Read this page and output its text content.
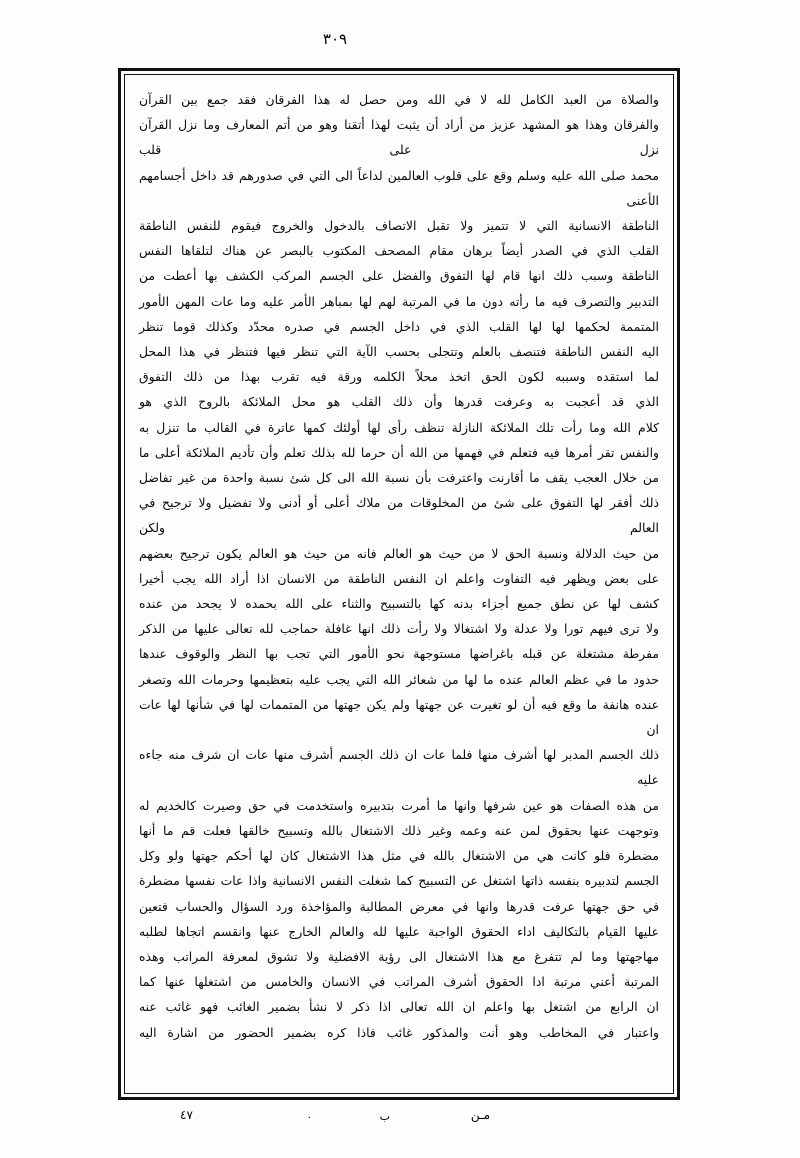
٣٠٩

والصلاة من العبد الكامل لله لا في الله ومن حصل له هذا الفرقان فقد جمع بين القرآن

والفرقان وهذا هو المشهد عزيز من أراد أن يثبت لهذا أتقنا وهو من أتم المعارف وما نزل القرآن نزل على قلب

محمد صلى الله عليه وسلم وقع على قلوب العالمين لداعاً الى التي في صدورهم قد داخل أجسامهم الأعنى

الناطقة الانسانية التي لا تتميز ولا تقبل الاتصاف بالدخول والخروج فيقوم للنفس الناطقة

القلب الذي في الصدر أيضاً برهان مقام المصحف المكتوب بالبصر عن هناك لتلقاها النفس

الناطقة وسبب ذلك انها قام لها التفوق والفضل على الجسم المركب الكشف بها أعطت من

التدبير والتصرف فيه ما رأته دون ما في المرتبة لهم لها بمباهر الأمر عليه وما عات المهن الأمور

المتممة لحكمها لها لها القلب الذي في داخل الجسم في صدره محدّد وكذلك قوما تنظر

اليه النفس الناطقة فتنصف بالعلم وتتجلى بحسب الآية التي تنظر فيها فتنظر في هذا المحل

لما استقده وسببه لكون الحق اتخذ محلاً الكلمه ورقة فيه تقرب بهذا من ذلك التفوق

الذي قد أعجبت به وعرفت قدرها وأن ذلك القلب هو محل الملائكة بالروح الذي هو

كلام الله وما رأت تلك الملائكة النازلة تنظف رأى لها أولئك كمها عاترة في القالب ما تنزل به

والنفس تقر أمرها فيه فتعلم في فهمها من الله أن حرما لله بذلك تعلم وأن تأديم الملائكة أعلى ما

من خلال العجب يقف ما أقارنت واعترفت بأن نسبة الله الى كل شئ نسبة واحدة من غير تفاضل

ذلك أفقر لها التفوق على شئ من المخلوقات من ملاك أعلى أو أدنى ولا تفضيل ولا ترجيح في العالم ولكن

من حيث الدلالة ونسبة الحق لا من حيث هو العالم فانه من حيث هو العالم يكون ترجيح بعضهم

على بعض ويظهر فيه التفاوت واعلم ان النفس الناطقة من الانسان اذا أراد الله يجب أخيرا

كشف لها عن نطق جميع أجزاء بدنه كها بالتسبيح والثناء على الله بحمده لا يجحد من عنده

ولا ترى فيهم تورا ولا عدلة ولا اشتغالا ولا رأت ذلك انها غافلة حماجب لله تعالى عليها من الذكر

مفرطة مشتغلة عن قبله باغراضها مستوجهة نحو الأمور التي تجب بها النظر والوقوف عندها

حدود ما في عظم العالم عنده ما لها من شعائر الله التي يجب عليه بتعظيمها وحرمات الله وتصغر

عنده هانفة ما وقع فيه أن لو تغيرت عن جهتها ولم يكن جهتها من المتممات لها في شأنها لها عات ان

ذلك الجسم المدبر لها أشرف منها فلما عات ان ذلك الجسم أشرف منها عات ان شرف منه جاءه عليه

من هذه الصفات هو عين شرفها وانها ما أمرت بتدبيره واستخدمت في حق وصيرت كالخديم له

وتوجهت عنها بحقوق لمن عنه وعمه وغير ذلك الاشتغال بالله وتسبيح خالقها فعلت قم ما أنها

مضطرة فلو كانت هي من الاشتغال بالله في مثل هذا الاشتغال كان لها أحكم جهتها ولو وكل

الجسم لتدبيره بنفسه ذاتها اشتغل عن التسبيح كما شغلت النفس الانسانية واذا عات نفسها مضطرة

في حق جهتها عرفت قدرها وانها في معرض المطالبة والمؤاخذة ورد السؤال والحساب فتعين

عليها القيام بالتكاليف اداء الحقوق الواجبة عليها لله والعالم الخارج عنها وانقسم اتجاها لطلبه

مهاجهتها وما لم تتفرغ مع هذا الاشتغال الى رؤية الافضلية ولا تشوق لمعرفة المراتب وهذه

المرتبة أعني مرتبة ادا الحقوق أشرف المراتب في الانسان والخامس من اشتغلها عنها كما

ان الرابع من اشتغل بها واعلم ان الله تعالى اذا ذكر لا نشأ بضمير الغائب فهو غائب عنه

واعتبار في المخاطب وهو أنت والمذكور غائب فاذا كره بضمير الحضور من اشارة اليه

مـن
ب
٠
٤٧
